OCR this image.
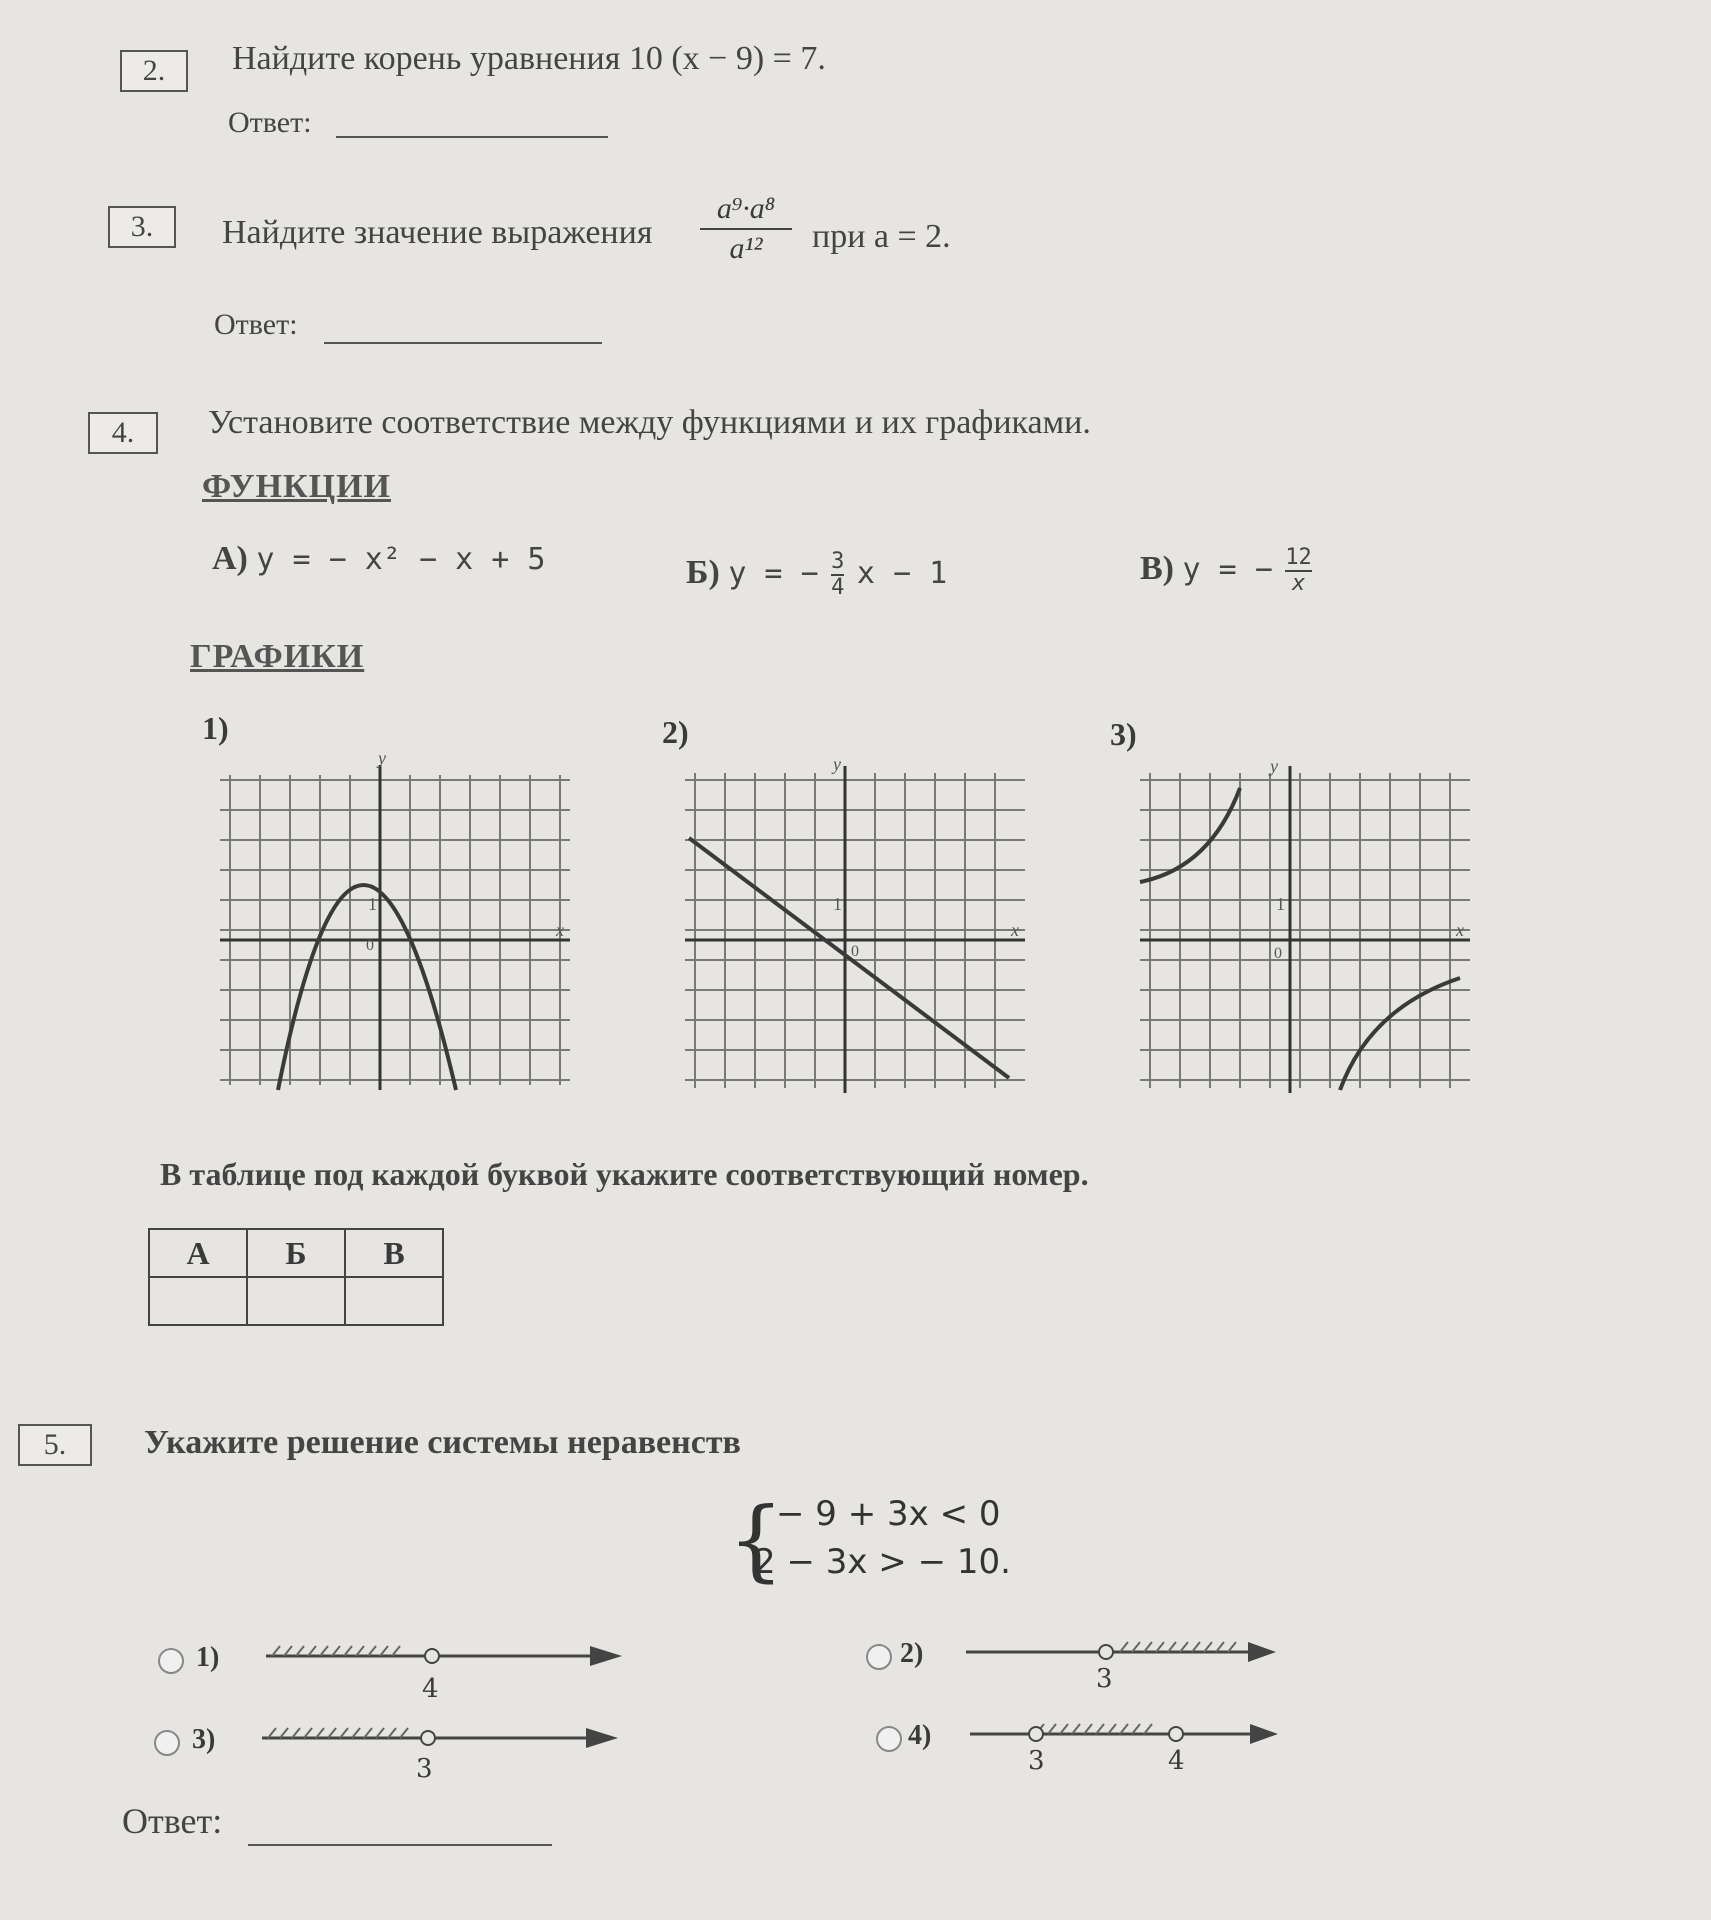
2.	Найдите корень уравнения 10 (x − 9) = 7.
Ответ:
3.	Найдите значение выражения
a⁹·a⁸
a¹²	при a = 2.
Ответ:
4.	Установите соответствие между функциями и их графиками.
ФУНКЦИИ
А) y = − x² − x + 5	Б) y = − $\frac{3}{4}$ x − 1	В) y = − $\frac{12}{x}$
ГРАФИКИ
1)	2)	3)
y
x
1
0
y
x
1
0
y
x
1
0
В таблице под каждой буквой укажите соответствующий номер.
А	Б	В

5.	Укажите решение системы неравенств
{
− 9 + 3x < 0
2 − 3x > − 10.
1)
4
2)
3
3)
3
4)
3	4
Ответ:
